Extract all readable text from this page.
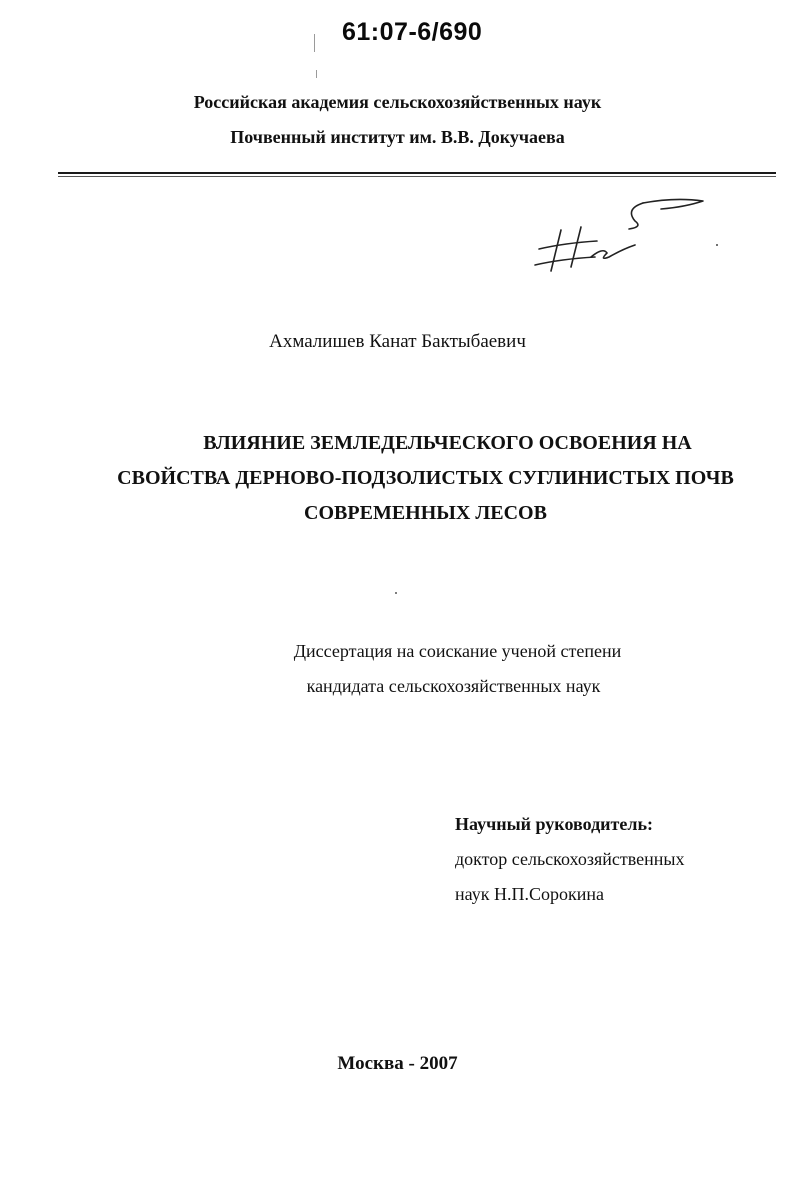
61:07-6/690
Российская академия сельскохозяйственных наук
Почвенный институт им. В.В. Докучаева
Ахмалишев Канат Бактыбаевич
ВЛИЯНИЕ ЗЕМЛЕДЕЛЬЧЕСКОГО ОСВОЕНИЯ НА
СВОЙСТВА ДЕРНОВО-ПОДЗОЛИСТЫХ СУГЛИНИСТЫХ ПОЧВ
СОВРЕМЕННЫХ ЛЕСОВ
Диссертация на соискание ученой степени
кандидата сельскохозяйственных наук
Научный руководитель:
доктор сельскохозяйственных
наук Н.П.Сорокина
Москва - 2007
